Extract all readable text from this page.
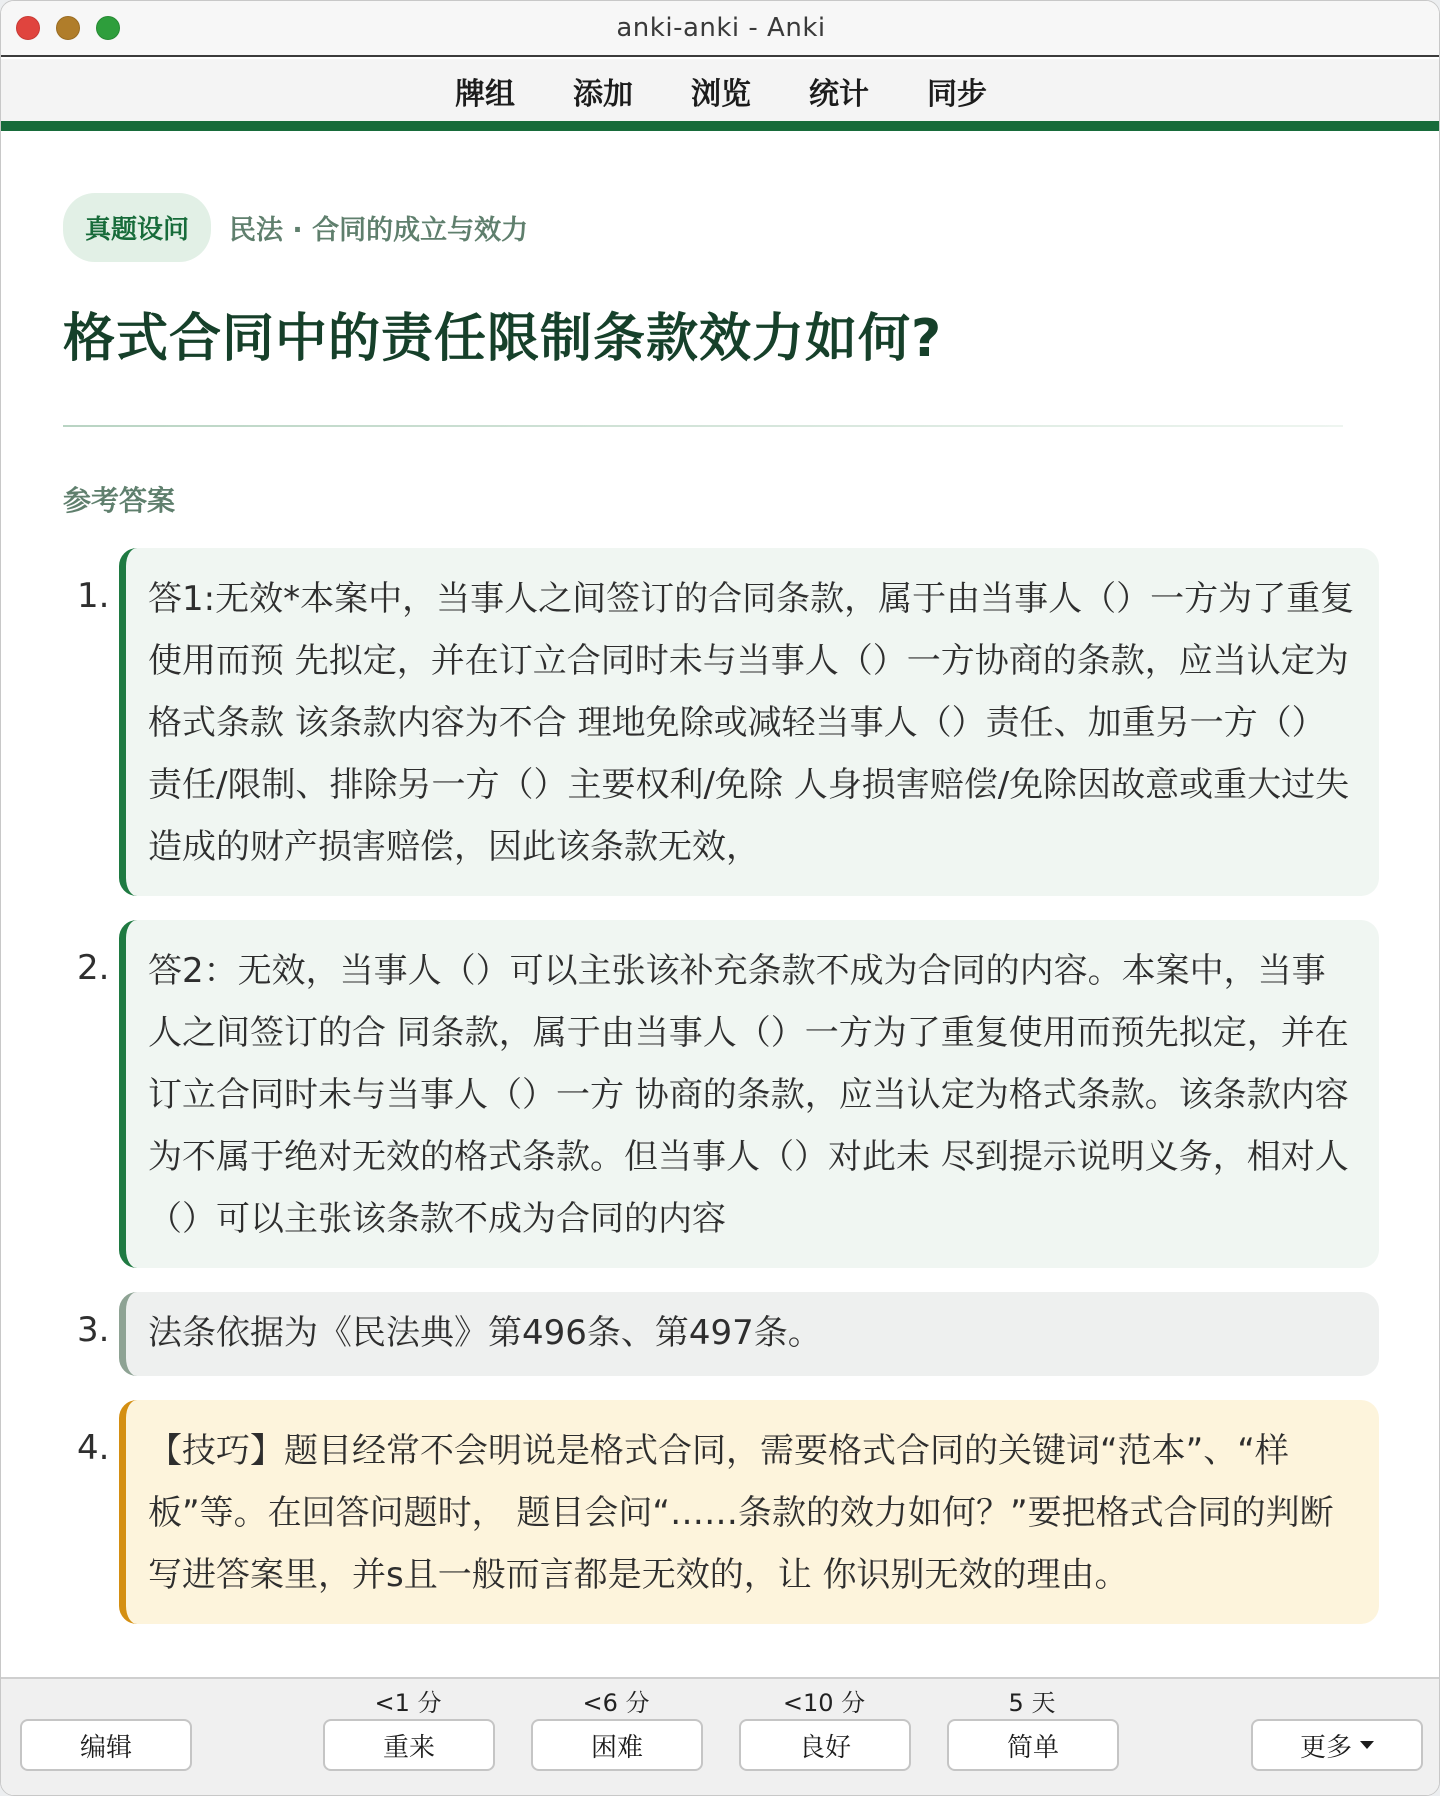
anki-anki - Anki
牌组 添加 浏览 统计 同步
真题设问	民法 · 合同的成立与效力
格式合同中的责任限制条款效力如何?
参考答案
1.	答1:无效*本案中，当事人之间签订的合同条款，属于由当事人（）一方为了重复使用而预 先拟定，并在订立合同时未与当事人（）一方协商的条款，应当认定为格式条款 该条款内容为不合 理地免除或减轻当事人（）责任、加重另一方（）责任/限制、排除另一方（）主要权利/免除 人身损害赔偿/免除因故意或重大过失造成的财产损害赔偿，因此该条款无效，
2.	答2：无效，当事人（）可以主张该补充条款不成为合同的内容。本案中，当事人之间签订的合 同条款，属于由当事人（）一方为了重复使用而预先拟定，并在订立合同时未与当事人（）一方 协商的条款，应当认定为格式条款。该条款内容为不属于绝对无效的格式条款。但当事人（）对此未 尽到提示说明义务，相对人（）可以主张该条款不成为合同的内容
3.	法条依据为《民法典》第496条、第497条。
4.	【技巧】题目经常不会明说是格式合同，需要格式合同的关键词“范本”、“样板”等。在回答问题时， 题目会问“……条款的效力如何？”要把格式合同的判断写进答案里，并s且一般而言都是无效的，让 你识别无效的理由。
编辑
<1 分
重来
<6 分
困难
<10 分
良好
5 天
简单	更多
